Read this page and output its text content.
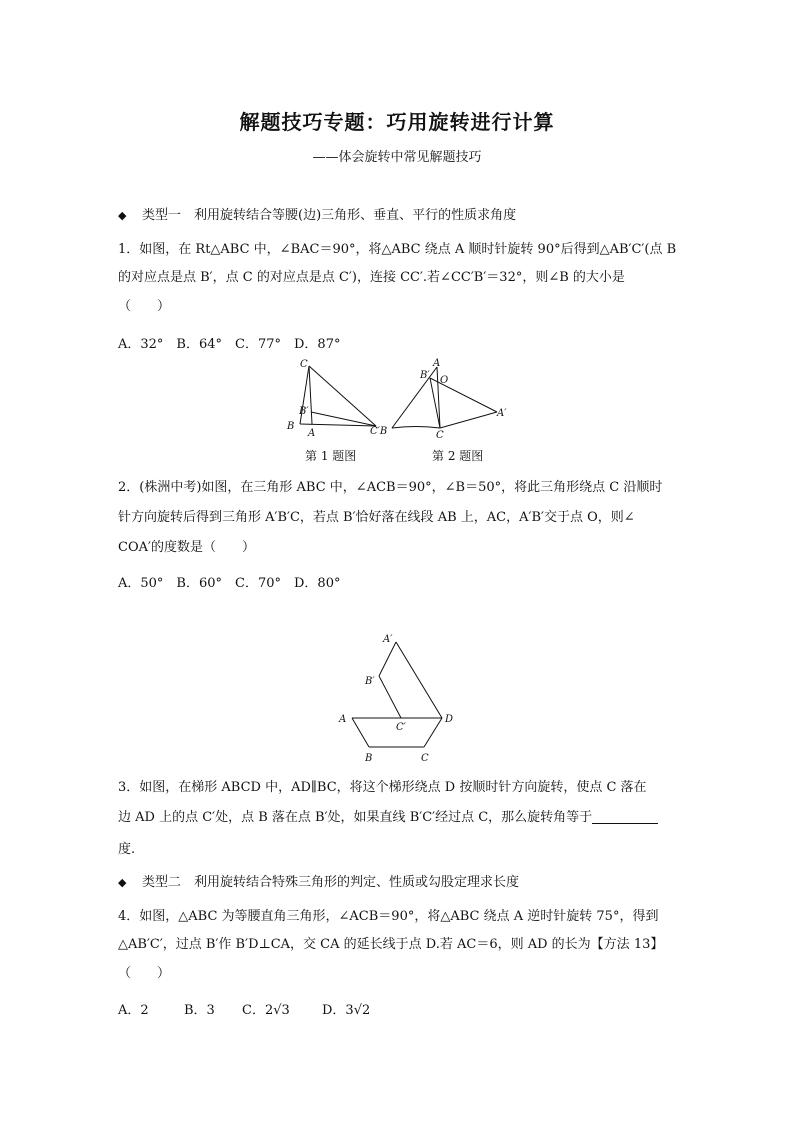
解题技巧专题：巧用旋转进行计算
——体会旋转中常见解题技巧
◆ 类型一　利用旋转结合等腰(边)三角形、垂直、平行的性质求角度
1．如图，在 Rt△ABC 中，∠BAC＝90°，将△ABC 绕点 A 顺时针旋转 90°后得到△AB′C′(点 B
的对应点是点 B′，点 C 的对应点是点 C′)，连接 CC′.若∠CC′B′＝32°，则∠B 的大小是
（　　）
A．32°　B．64°　C．77°　D．87°
C
B′
B
A	C′B
A
B′ O
A′
C
第 1 题图	第 2 题图
2．(株洲中考)如图，在三角形 ABC 中，∠ACB＝90°，∠B＝50°，将此三角形绕点 C 沿顺时
针方向旋转后得到三角形 A′B′C，若点 B′恰好落在线段 AB 上，AC，A′B′交于点 O，则∠
COA′的度数是（　　）
A．50°　B．60°　C．70°　D．80°
A′
B′
A
C′
D
B	C
3．如图，在梯形 ABCD 中，AD∥BC，将这个梯形绕点 D 按顺时针方向旋转，使点 C 落在
边 AD 上的点 C′处，点 B 落在点 B′处，如果直线 B′C′经过点 C，那么旋转角等于
度.
◆ 类型二　利用旋转结合特殊三角形的判定、性质或勾股定理求长度
4．如图，△ABC 为等腰直角三角形，∠ACB＝90°，将△ABC 绕点 A 逆时针旋转 75°，得到
△AB′C′，过点 B′作 B′D⊥CA，交 CA 的延长线于点 D.若 AC＝6，则 AD 的长为【方法 13】
（　　）
A．2	B．3 C．2√3 D．3√2
